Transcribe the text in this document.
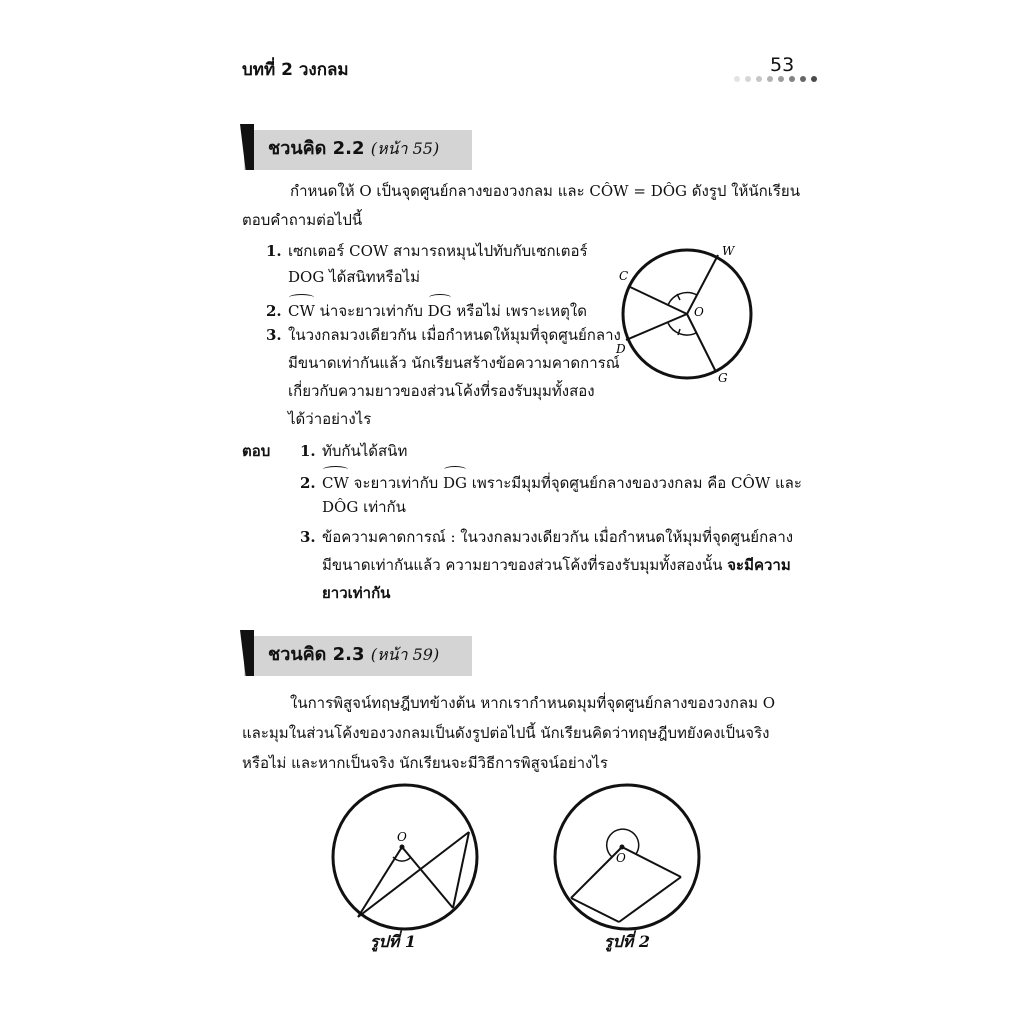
บทที่ 2 วงกลม	53
ชวนคิด 2.2 (หน้า 55)
กำหนดให้ O เป็นจุดศูนย์กลางของวงกลม และ CÔW = DÔG ดังรูป ให้นักเรียน
ตอบคำถามต่อไปนี้
1. เซกเตอร์ COW สามารถหมุนไปทับกับเซกเตอร์
DOG ได้สนิทหรือไม่
2. CW น่าจะยาวเท่ากับ DG หรือไม่ เพราะเหตุใด
3. ในวงกลมวงเดียวกัน เมื่อกำหนดให้มุมที่จุดศูนย์กลาง
มีขนาดเท่ากันแล้ว นักเรียนสร้างข้อความคาดการณ์
เกี่ยวกับความยาวของส่วนโค้งที่รองรับมุมทั้งสอง
ได้ว่าอย่างไร
C
W
O
D
G
ตอบ 1. ทับกันได้สนิท
2. CW จะยาวเท่ากับ DG เพราะมีมุมที่จุดศูนย์กลางของวงกลม คือ CÔW และ
DÔG เท่ากัน
3. ข้อความคาดการณ์ : ในวงกลมวงเดียวกัน เมื่อกำหนดให้มุมที่จุดศูนย์กลาง
มีขนาดเท่ากันแล้ว ความยาวของส่วนโค้งที่รองรับมุมทั้งสองนั้น จะมีความ
ยาวเท่ากัน
ชวนคิด 2.3 (หน้า 59)
ในการพิสูจน์ทฤษฎีบทข้างต้น หากเรากำหนดมุมที่จุดศูนย์กลางของวงกลม O
และมุมในส่วนโค้งของวงกลมเป็นดังรูปต่อไปนี้ นักเรียนคิดว่าทฤษฎีบทยังคงเป็นจริง
หรือไม่ และหากเป็นจริง นักเรียนจะมีวิธีการพิสูจน์อย่างไร
O
รูปที่ 1
O
รูปที่ 2
